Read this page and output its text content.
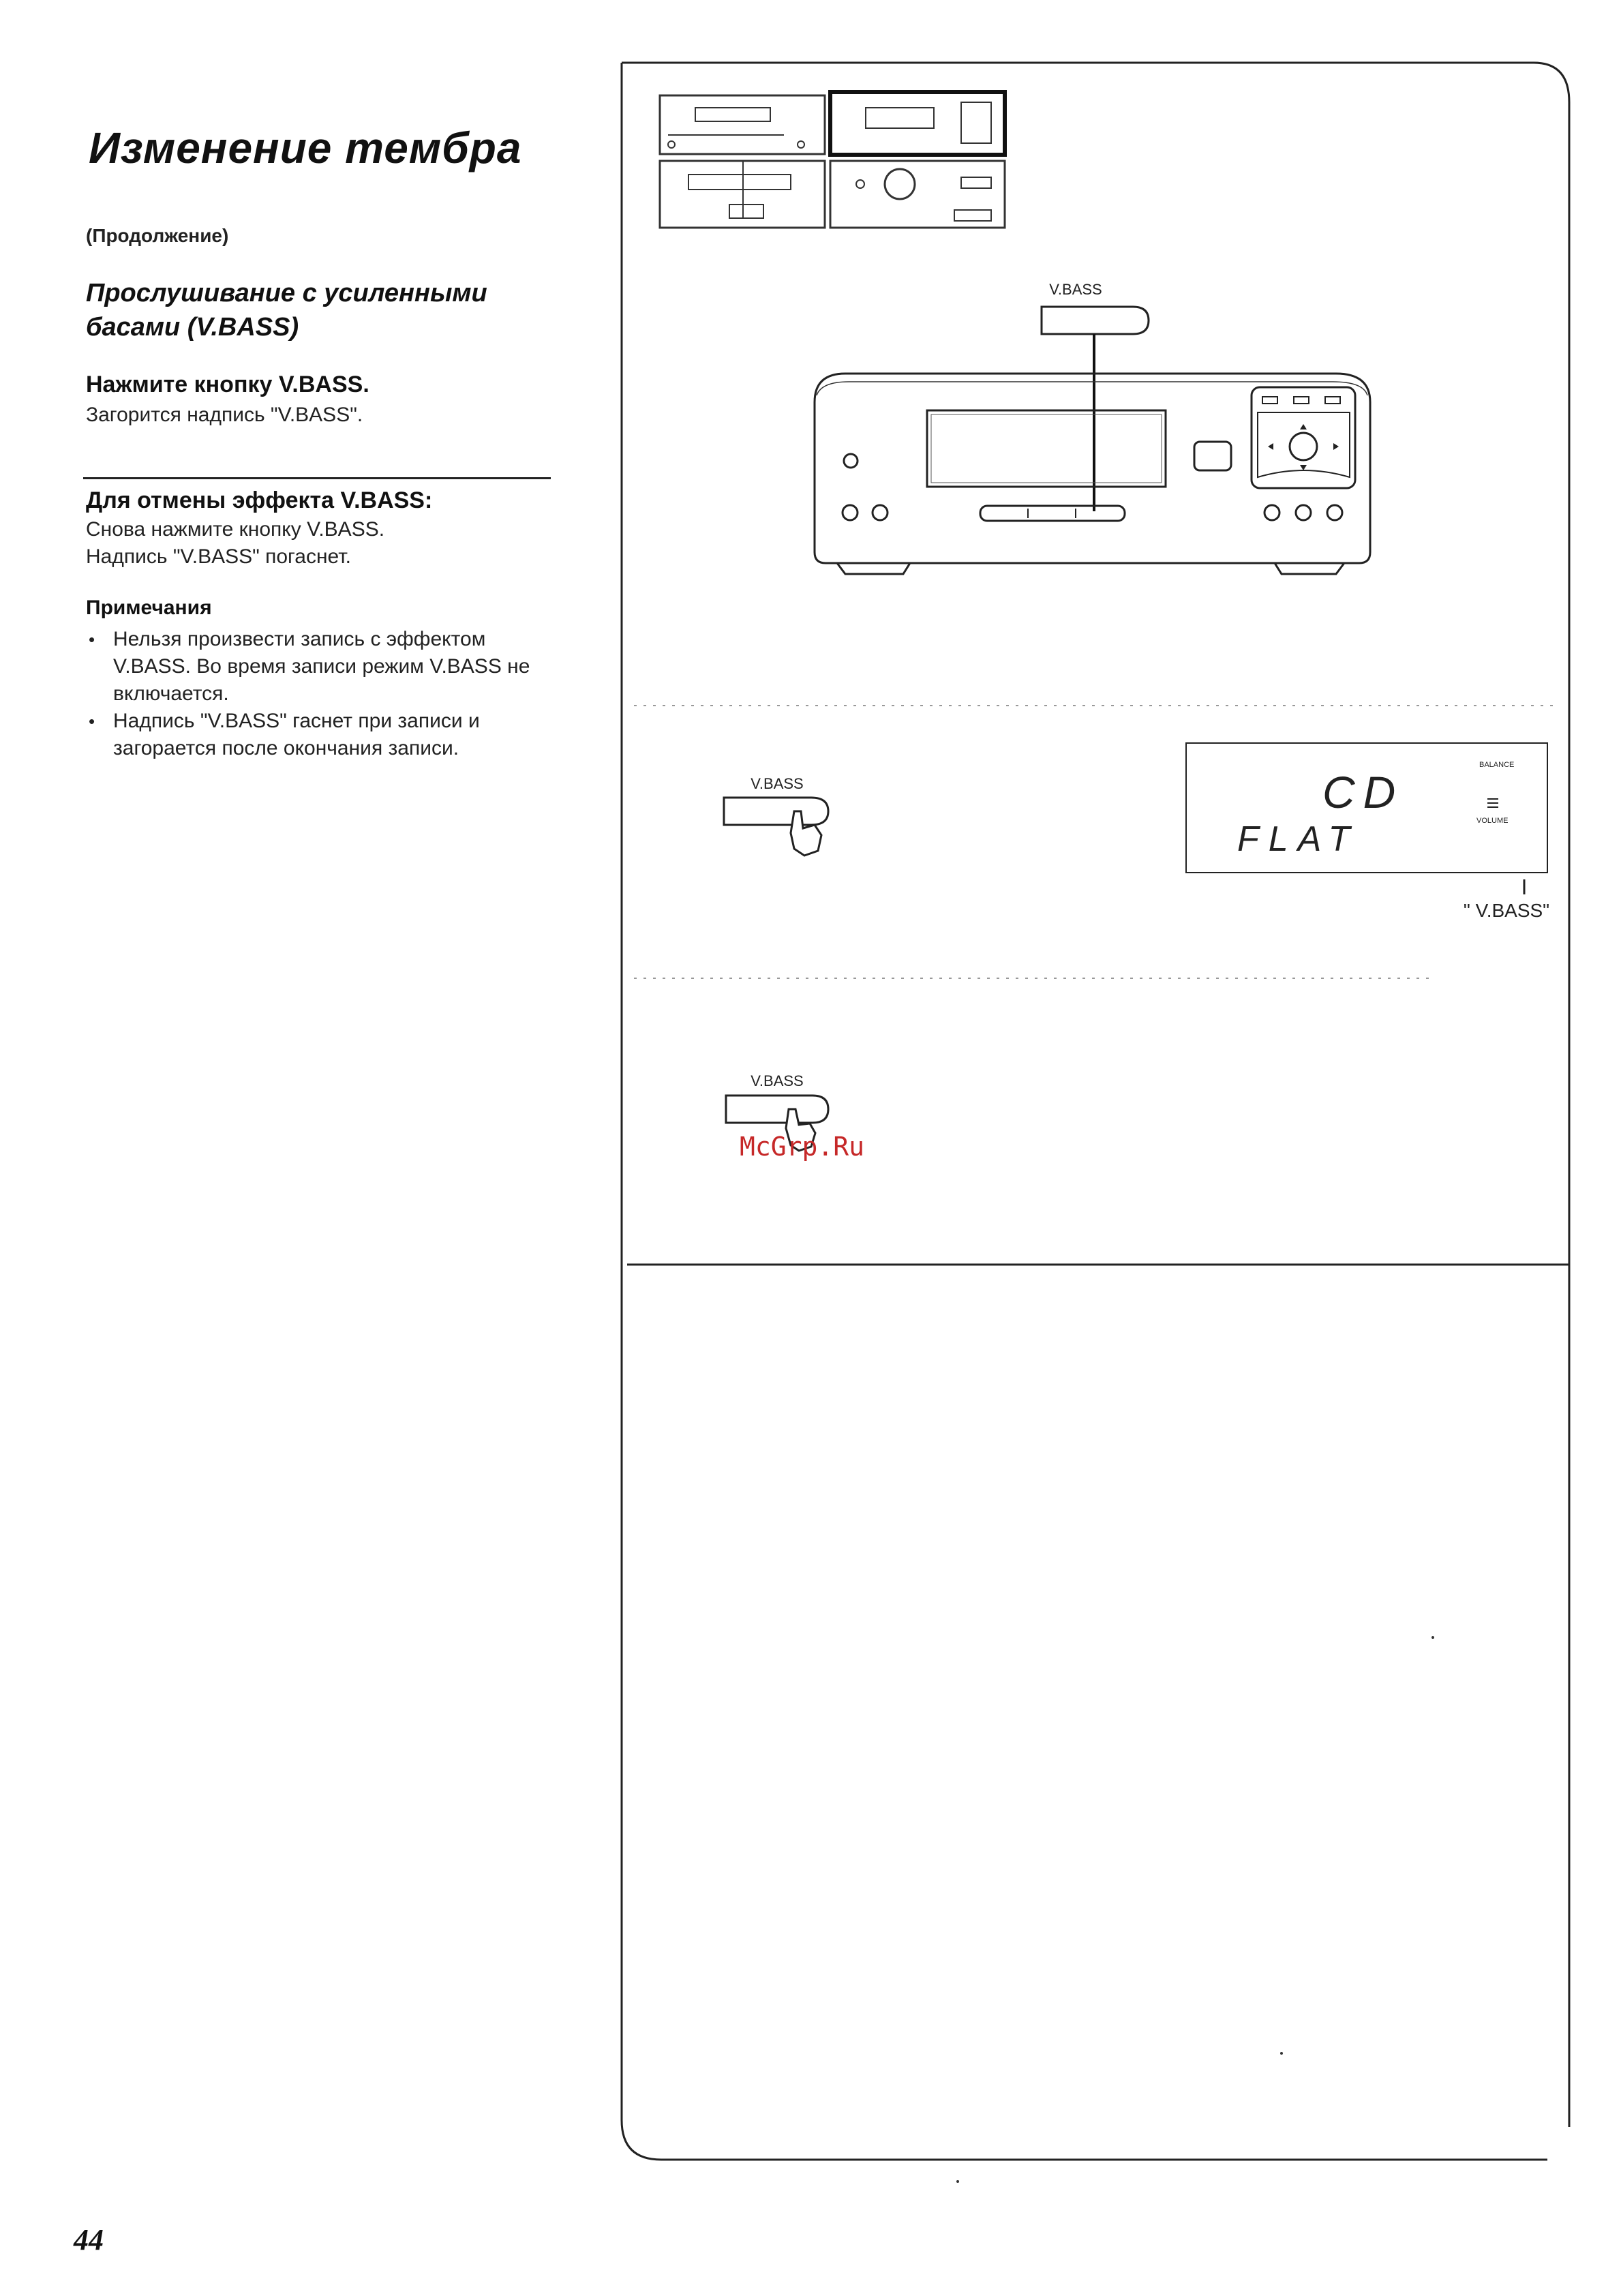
Изменение тембра
(Продолжение)
Прослушивание с усиленными басами (V.BASS)
Нажмите кнопку V.BASS.
Загорится надпись "V.BASS".
Для отмены эффекта V.BASS:
Снова нажмите кнопку V.BASS.
Надпись "V.BASS" погаснет.
Примечания
• Нельзя произвести запись с эффектом V.BASS. Во время записи режим V.BASS не включается.
• Надпись "V.BASS" гаснет при записи и загорается после окончания записи.
44
V.BASS
V.BASS	CD
FLAT
BALANCE
VOLUME
" V.BASS"
V.BASS
McGrp.Ru
